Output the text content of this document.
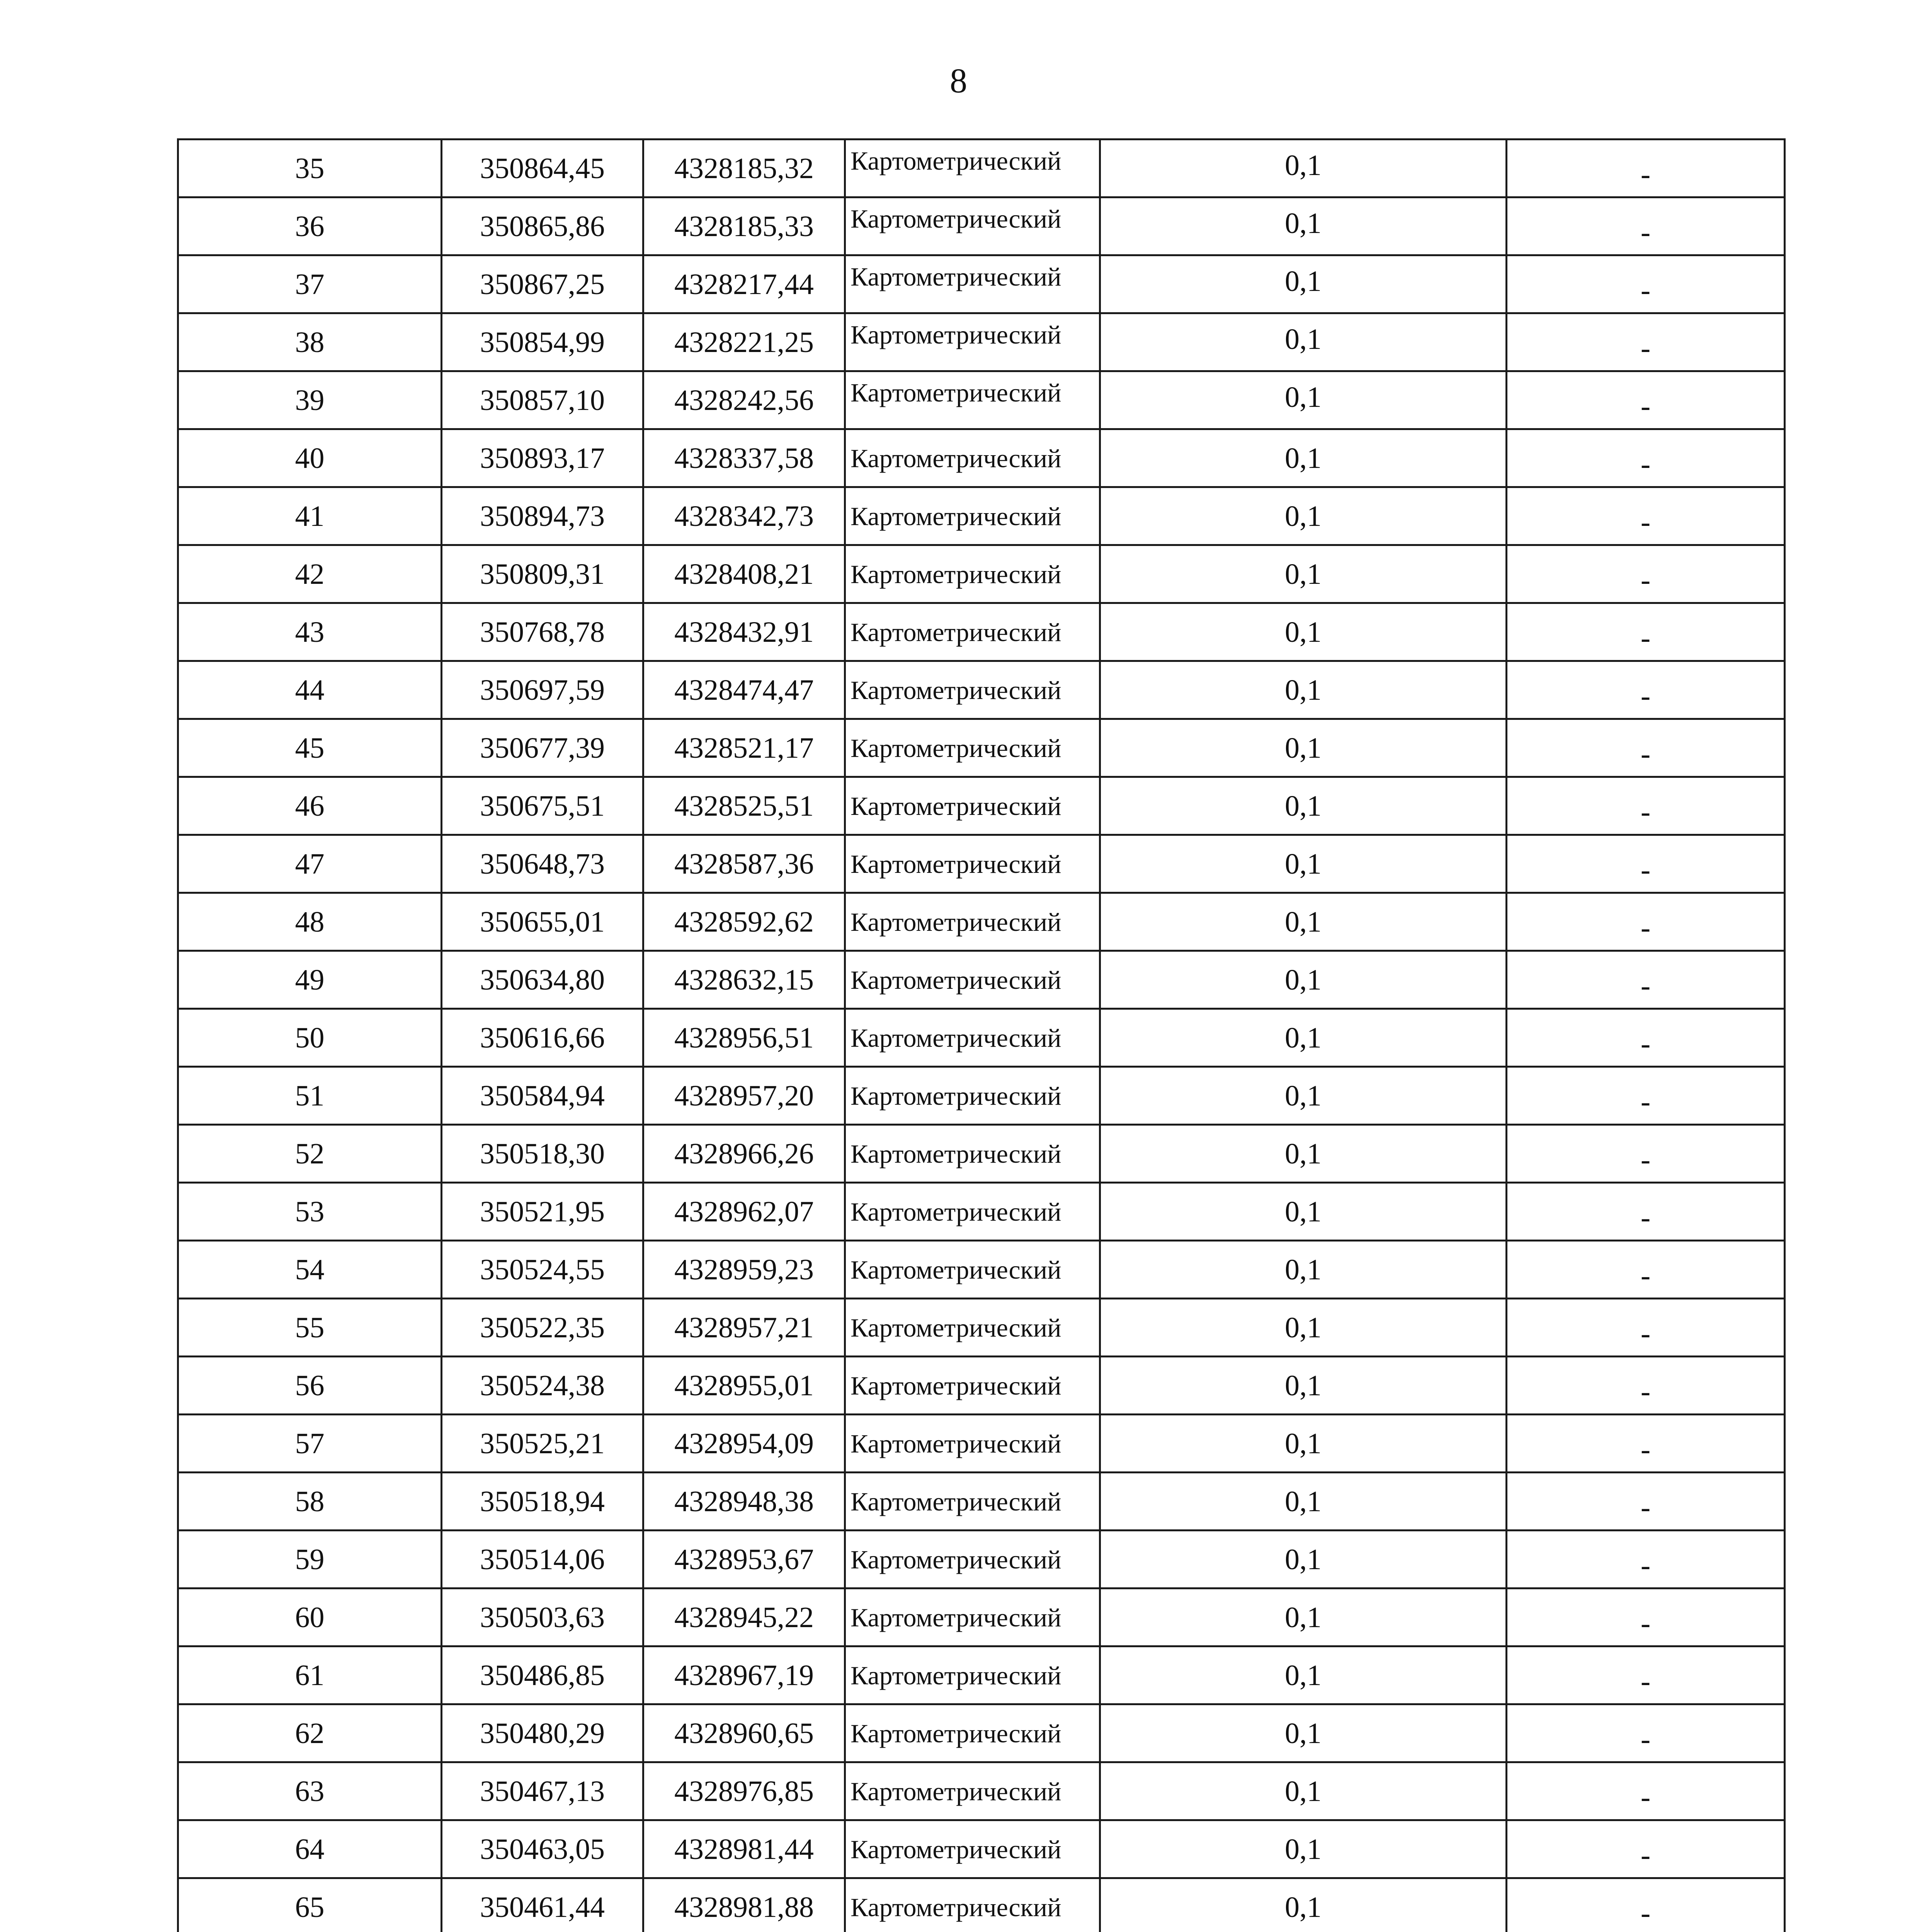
8
35	350864,45	4328185,32	Картометрический	0,1	-
36	350865,86	4328185,33	Картометрический	0,1	-
37	350867,25	4328217,44	Картометрический	0,1	-
38	350854,99	4328221,25	Картометрический	0,1	-
39	350857,10	4328242,56	Картометрический	0,1	-
40	350893,17	4328337,58	Картометрический	0,1	-
41	350894,73	4328342,73	Картометрический	0,1	-
42	350809,31	4328408,21	Картометрический	0,1	-
43	350768,78	4328432,91	Картометрический	0,1	-
44	350697,59	4328474,47	Картометрический	0,1	-
45	350677,39	4328521,17	Картометрический	0,1	-
46	350675,51	4328525,51	Картометрический	0,1	-
47	350648,73	4328587,36	Картометрический	0,1	-
48	350655,01	4328592,62	Картометрический	0,1	-
49	350634,80	4328632,15	Картометрический	0,1	-
50	350616,66	4328956,51	Картометрический	0,1	-
51	350584,94	4328957,20	Картометрический	0,1	-
52	350518,30	4328966,26	Картометрический	0,1	-
53	350521,95	4328962,07	Картометрический	0,1	-
54	350524,55	4328959,23	Картометрический	0,1	-
55	350522,35	4328957,21	Картометрический	0,1	-
56	350524,38	4328955,01	Картометрический	0,1	-
57	350525,21	4328954,09	Картометрический	0,1	-
58	350518,94	4328948,38	Картометрический	0,1	-
59	350514,06	4328953,67	Картометрический	0,1	-
60	350503,63	4328945,22	Картометрический	0,1	-
61	350486,85	4328967,19	Картометрический	0,1	-
62	350480,29	4328960,65	Картометрический	0,1	-
63	350467,13	4328976,85	Картометрический	0,1	-
64	350463,05	4328981,44	Картометрический	0,1	-
65	350461,44	4328981,88	Картометрический	0,1	-
